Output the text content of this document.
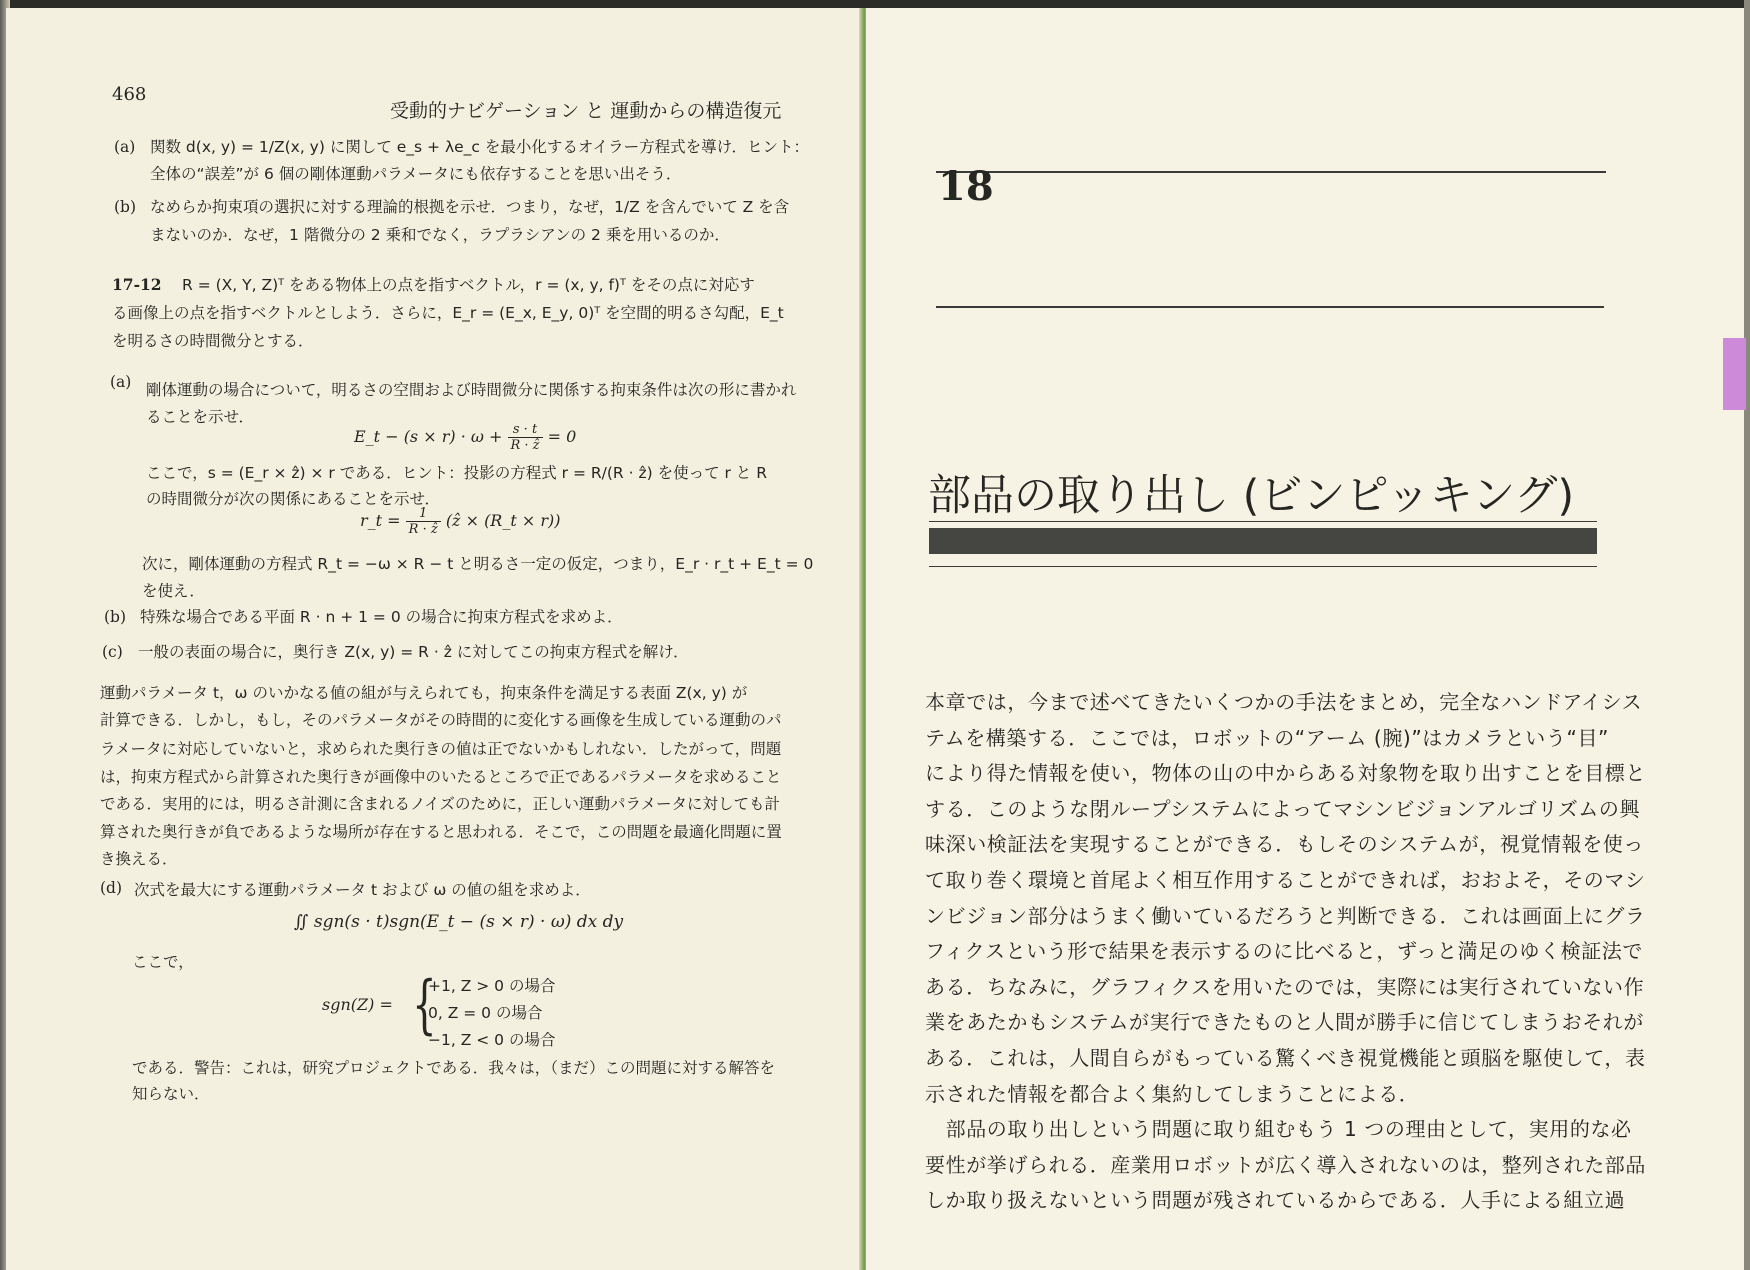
468
受動的ナビゲーション と 運動からの構造復元
(a) 関数 d(x, y) = 1/Z(x, y) に関して e_s + λe_c を最小化するオイラー方程式を導け．ヒント：
全体の“誤差”が 6 個の剛体運動パラメータにも依存することを思い出そう．
(b) なめらか拘束項の選択に対する理論的根拠を示せ．つまり，なぜ，1/Z を含んでいて Z を含
まないのか．なぜ，1 階微分の 2 乗和でなく，ラプラシアンの 2 乗を用いるのか．
17-12 R = (X, Y, Z)ᵀ をある物体上の点を指すベクトル，r = (x, y, f)ᵀ をその点に対応す
る画像上の点を指すベクトルとしよう．さらに，E_r = (E_x, E_y, 0)ᵀ を空間的明るさ勾配，E_t
を明るさの時間微分とする．
(a) 剛体運動の場合について，明るさの空間および時間微分に関係する拘束条件は次の形に書かれ
ることを示せ．
E_t − $(s \times r) \cdot \omega + \frac{s \cdot t}{\text{R · ẑ}} = 0$
ここで，s = (E_r × ẑ) × r である．ヒント：投影の方程式 r = R/(R · ẑ) を使って r と R
の時間微分が次の関係にあることを示せ．
r_t = $\frac{1}{\text{R · ẑ}}$ (ẑ × (R_t × r))
次に，剛体運動の方程式 R_t = −ω × R − t と明るさ一定の仮定，つまり，E_r · r_t + E_t = 0
を使え．
(b) 特殊な場合である平面 R · n + 1 = 0 の場合に拘束方程式を求めよ．
(c) 一般の表面の場合に，奥行き Z(x, y) = R · ẑ に対してこの拘束方程式を解け．
運動パラメータ t，ω のいかなる値の組が与えられても，拘束条件を満足する表面 Z(x, y) が
計算できる．しかし，もし，そのパラメータがその時間的に変化する画像を生成している運動のパ
ラメータに対応していないと，求められた奥行きの値は正でないかもしれない．したがって，問題
は，拘束方程式から計算された奥行きが画像中のいたるところで正であるパラメータを求めること
である．実用的には，明るさ計測に含まれるノイズのために，正しい運動パラメータに対しても計
算された奥行きが負であるような場所が存在すると思われる．そこで，この問題を最適化問題に置
き換える．
(d) 次式を最大にする運動パラメータ t および ω の値の組を求めよ．
∬ sgn(s · t)sgn(E_t − (s × r) · ω) dx dy
ここで，
sgn(Z) = {
+1, Z > 0 の場合
0, Z = 0 の場合
−1, Z < 0 の場合
である．警告：これは，研究プロジェクトである．我々は，（まだ）この問題に対する解答を
知らない．
18
部品の取り出し (ビンピッキング)
本章では，今まで述べてきたいくつかの手法をまとめ，完全なハンドアイシス
テムを構築する．ここでは，ロボットの“アーム (腕)”はカメラという“目”
により得た情報を使い，物体の山の中からある対象物を取り出すことを目標と
する．このような閉ループシステムによってマシンビジョンアルゴリズムの興
味深い検証法を実現することができる．もしそのシステムが，視覚情報を使っ
て取り巻く環境と首尾よく相互作用することができれば，おおよそ，そのマシ
ンビジョン部分はうまく働いているだろうと判断できる．これは画面上にグラ
フィクスという形で結果を表示するのに比べると，ずっと満足のゆく検証法で
ある．ちなみに，グラフィクスを用いたのでは，実際には実行されていない作
業をあたかもシステムが実行できたものと人間が勝手に信じてしまうおそれが
ある．これは，人間自らがもっている驚くべき視覚機能と頭脳を駆使して，表
示された情報を都合よく集約してしまうことによる．
　部品の取り出しという問題に取り組むもう 1 つの理由として，実用的な必
要性が挙げられる．産業用ロボットが広く導入されないのは，整列された部品
しか取り扱えないという問題が残されているからである．人手による組立過
